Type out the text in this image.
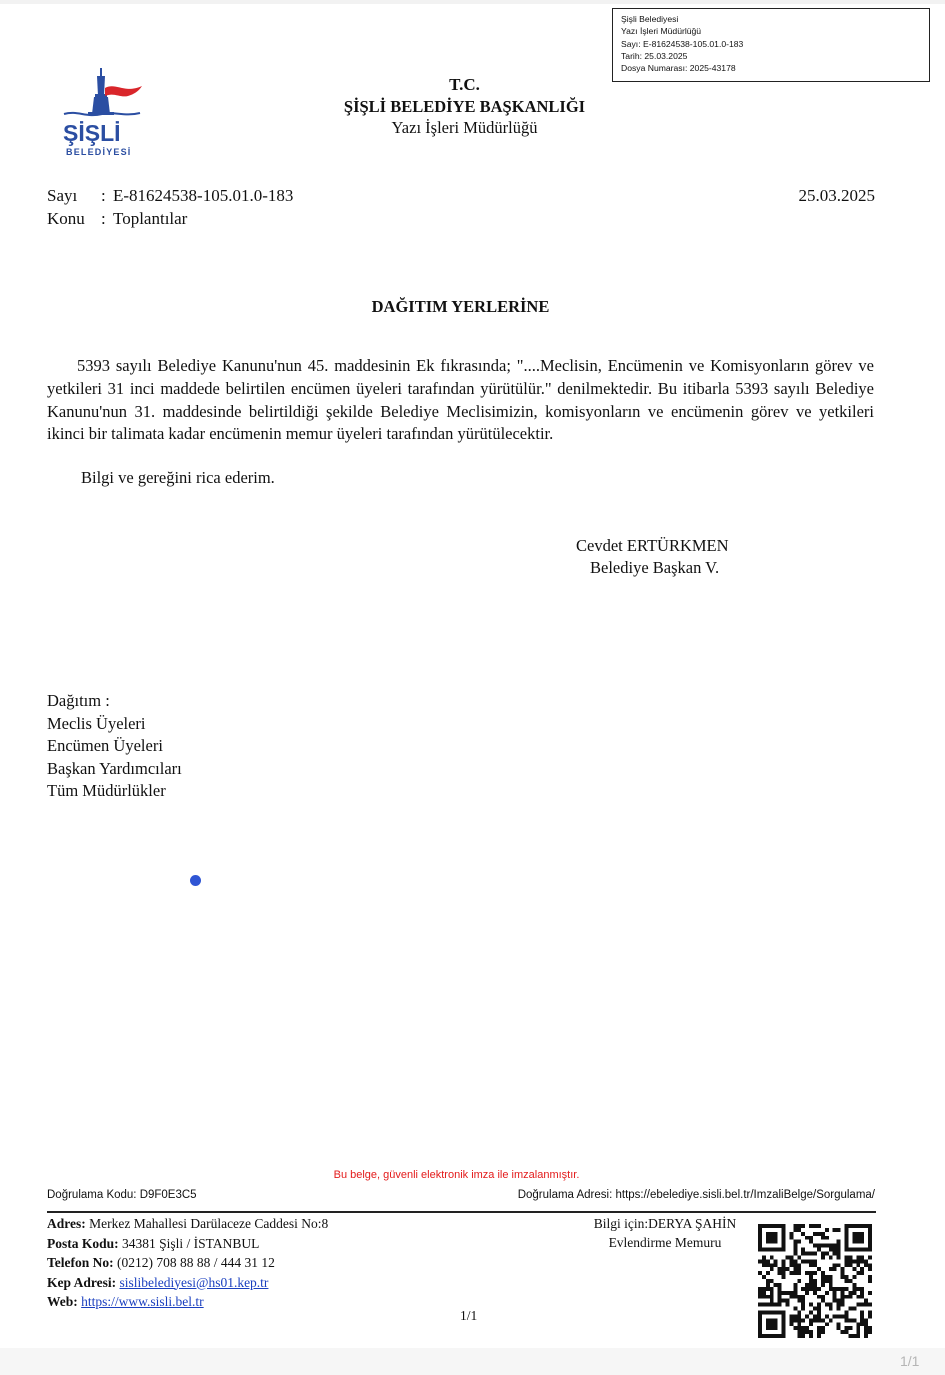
Şişli Belediyesi
Yazı İşleri Müdürlüğü
Sayı: E-81624538-105.01.0-183
Tarih: 25.03.2025
Dosya Numarası: 2025-43178
ŞİŞLİ
BELEDİYESİ
T.C.
ŞİŞLİ BELEDİYE BAŞKANLIĞI
Yazı İşleri Müdürlüğü
Sayı : E-81624538-105.01.0-183	25.03.2025
Konu : Toplantılar
DAĞITIM YERLERİNE

5393 sayılı Belediye Kanunu'nun 45. maddesinin Ek fıkrasında; "....Meclisin, Encümenin ve Komisyonların görev ve yetkileri 31 inci maddede belirtilen encümen üyeleri tarafından yürütülür." denilmektedir. Bu itibarla 5393 sayılı Belediye Kanunu'nun 31. maddesinde belirtildiği şekilde Belediye Meclisimizin, komisyonların ve encümenin görev ve yetkileri ikinci bir talimata kadar encümenin memur üyeleri tarafından yürütülecektir.

Bilgi ve gereğini rica ederim.
Cevdet ERTÜRKMEN
Belediye Başkan V.
Dağıtım :
Meclis Üyeleri
Encümen Üyeleri
Başkan Yardımcıları
Tüm Müdürlükler
Bu belge, güvenli elektronik imza ile imzalanmıştır.
Doğrulama Kodu: D9F0E3C5	Doğrulama Adresi: https://ebelediye.sisli.bel.tr/ImzaliBelge/Sorgulama/
Adres: Merkez Mahallesi Darülaceze Caddesi No:8
Posta Kodu: 34381 Şişli / İSTANBUL
Telefon No: (0212) 708 88 88 / 444 31 12
Kep Adresi: sislibelediyesi@hs01.kep.tr
Web: https://www.sisli.bel.tr
Bilgi için:DERYA ŞAHİN
Evlendirme Memuru
1/1
1/1
